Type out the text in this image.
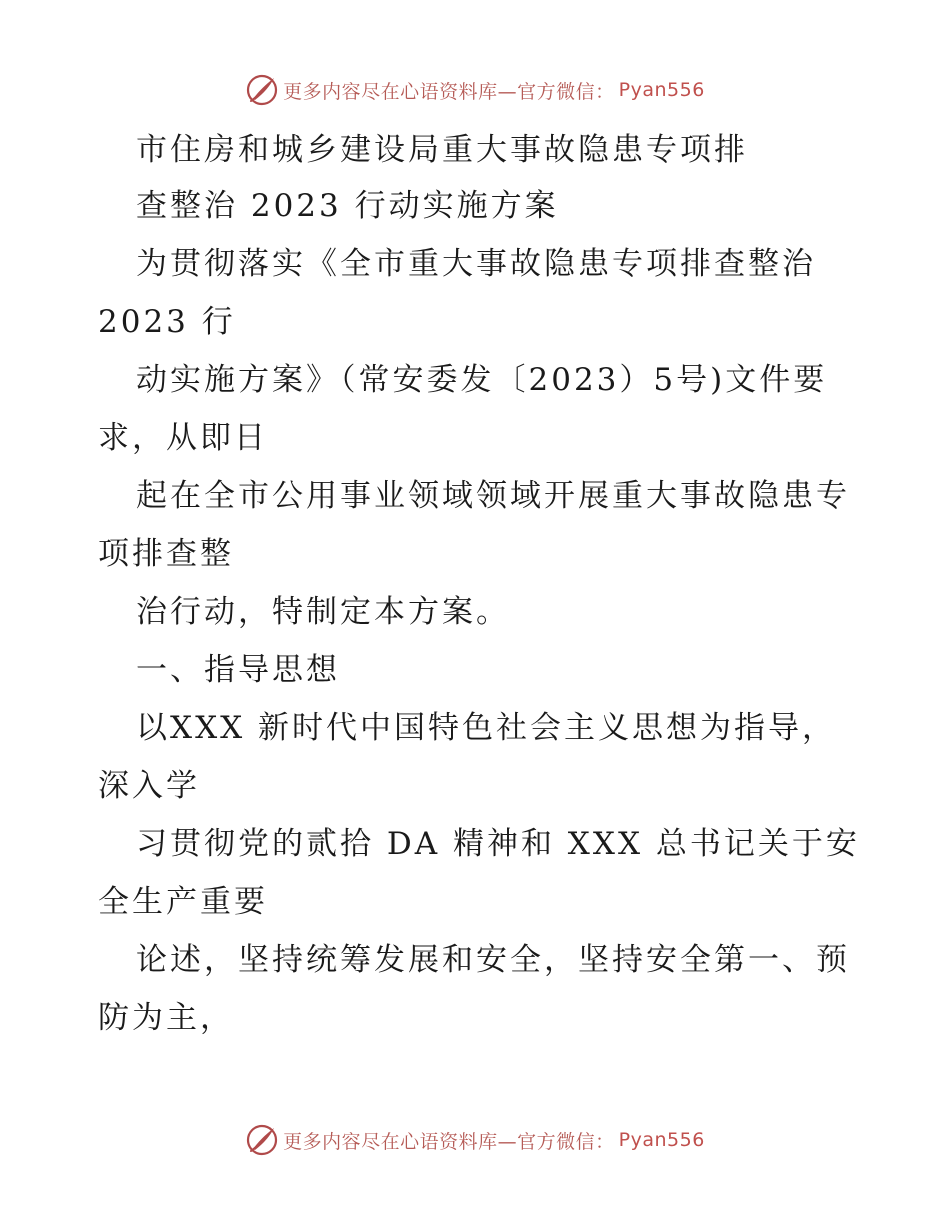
更多内容尽在心语资料库—官方微信： Pyan556
市住房和城乡建设局重大事故隐患专项排
查整治 2023 行动实施方案
为贯彻落实《全市重大事故隐患专项排查整治
2023 行
动实施方案》（常安委发〔2023）5号)文件要
求，从即日
起在全市公用事业领域领域开展重大事故隐患专
项排查整
治行动，特制定本方案。
一、指导思想
以XXX 新时代中国特色社会主义思想为指导，
深入学
习贯彻党的贰拾 DA 精神和 XXX 总书记关于安
全生产重要
论述，坚持统筹发展和安全，坚持安全第一、预
防为主，
更多内容尽在心语资料库—官方微信： Pyan556
